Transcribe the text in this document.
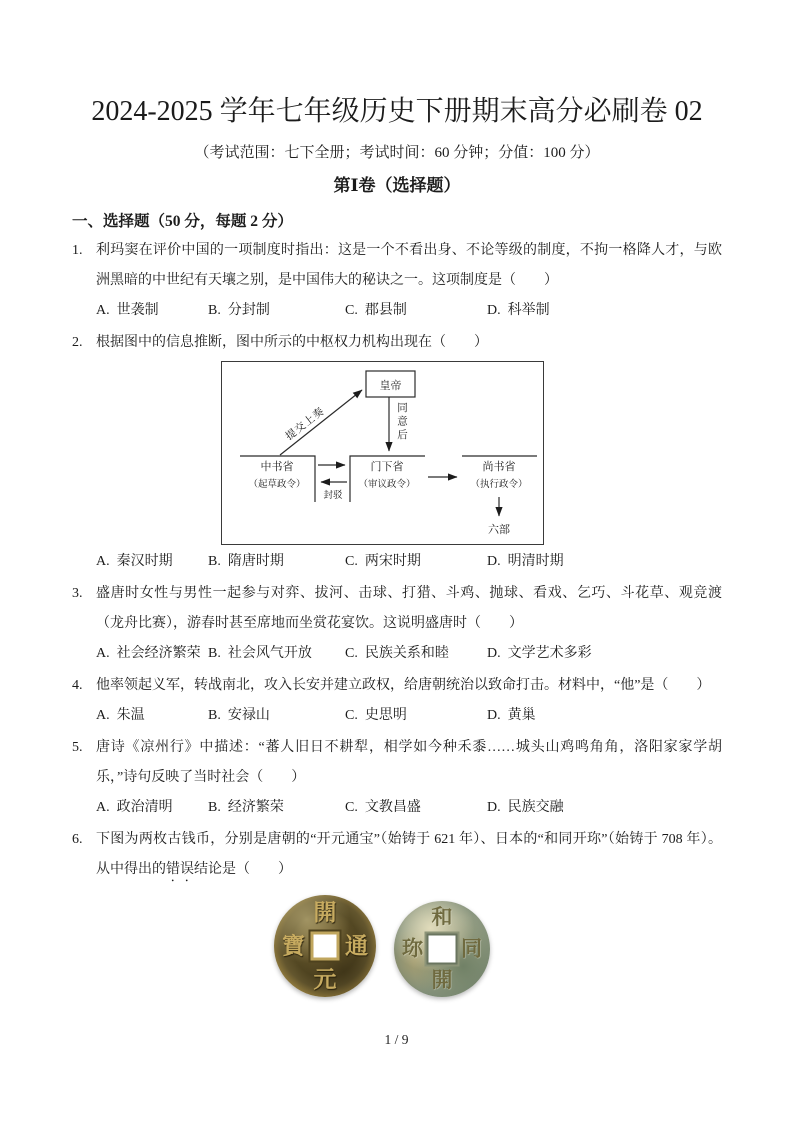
2024-2025 学年七年级历史下册期末高分必刷卷 02
（考试范围：七下全册；考试时间：60 分钟；分值：100 分）
第Ⅰ卷（选择题）
一、选择题（50 分，每题 2 分）
1. 利玛窦在评价中国的一项制度时指出：这是一个不看出身、不论等级的制度，不拘一格降人才，与欧洲黑暗的中世纪有天壤之别，是中国伟大的秘诀之一。这项制度是（　　）
A. 世袭制	B. 分封制	C. 郡县制	D. 科举制
2. 根据图中的信息推断，图中所示的中枢权力机构出现在（　　）
皇帝
中书省
（起草政令）
门下省
（审议政令）
尚书省
（执行政令）
封驳
六部
提交上奏	同意后
A. 秦汉时期	B. 隋唐时期	C. 两宋时期	D. 明清时期
3. 盛唐时女性与男性一起参与对弈、拔河、击球、打猎、斗鸡、抛球、看戏、乞巧、斗花草、观竞渡（龙舟比赛），游春时甚至席地而坐赏花宴饮。这说明盛唐时（　　）
A. 社会经济繁荣 B. 社会风气开放	C. 民族关系和睦	D. 文学艺术多彩
4. 他率领起义军，转战南北，攻入长安并建立政权，给唐朝统治以致命打击。材料中，“他”是（　　）
A. 朱温	B. 安禄山	C. 史思明	D. 黄巢
5. 唐诗《凉州行》中描述：“蕃人旧日不耕犁，相学如今种禾黍……城头山鸡鸣角角，洛阳家家学胡乐，”诗句反映了当时社会（　　）
A. 政治清明	B. 经济繁荣	C. 文教昌盛	D. 民族交融
6. 下图为两枚古钱币，分别是唐朝的“开元通宝”（始铸于 621 年）、日本的“和同开珎”（始铸于 708 年）。从中得出的错误结论是（　　）
開
通
元
寶
和
同
開
珎
1 / 9
